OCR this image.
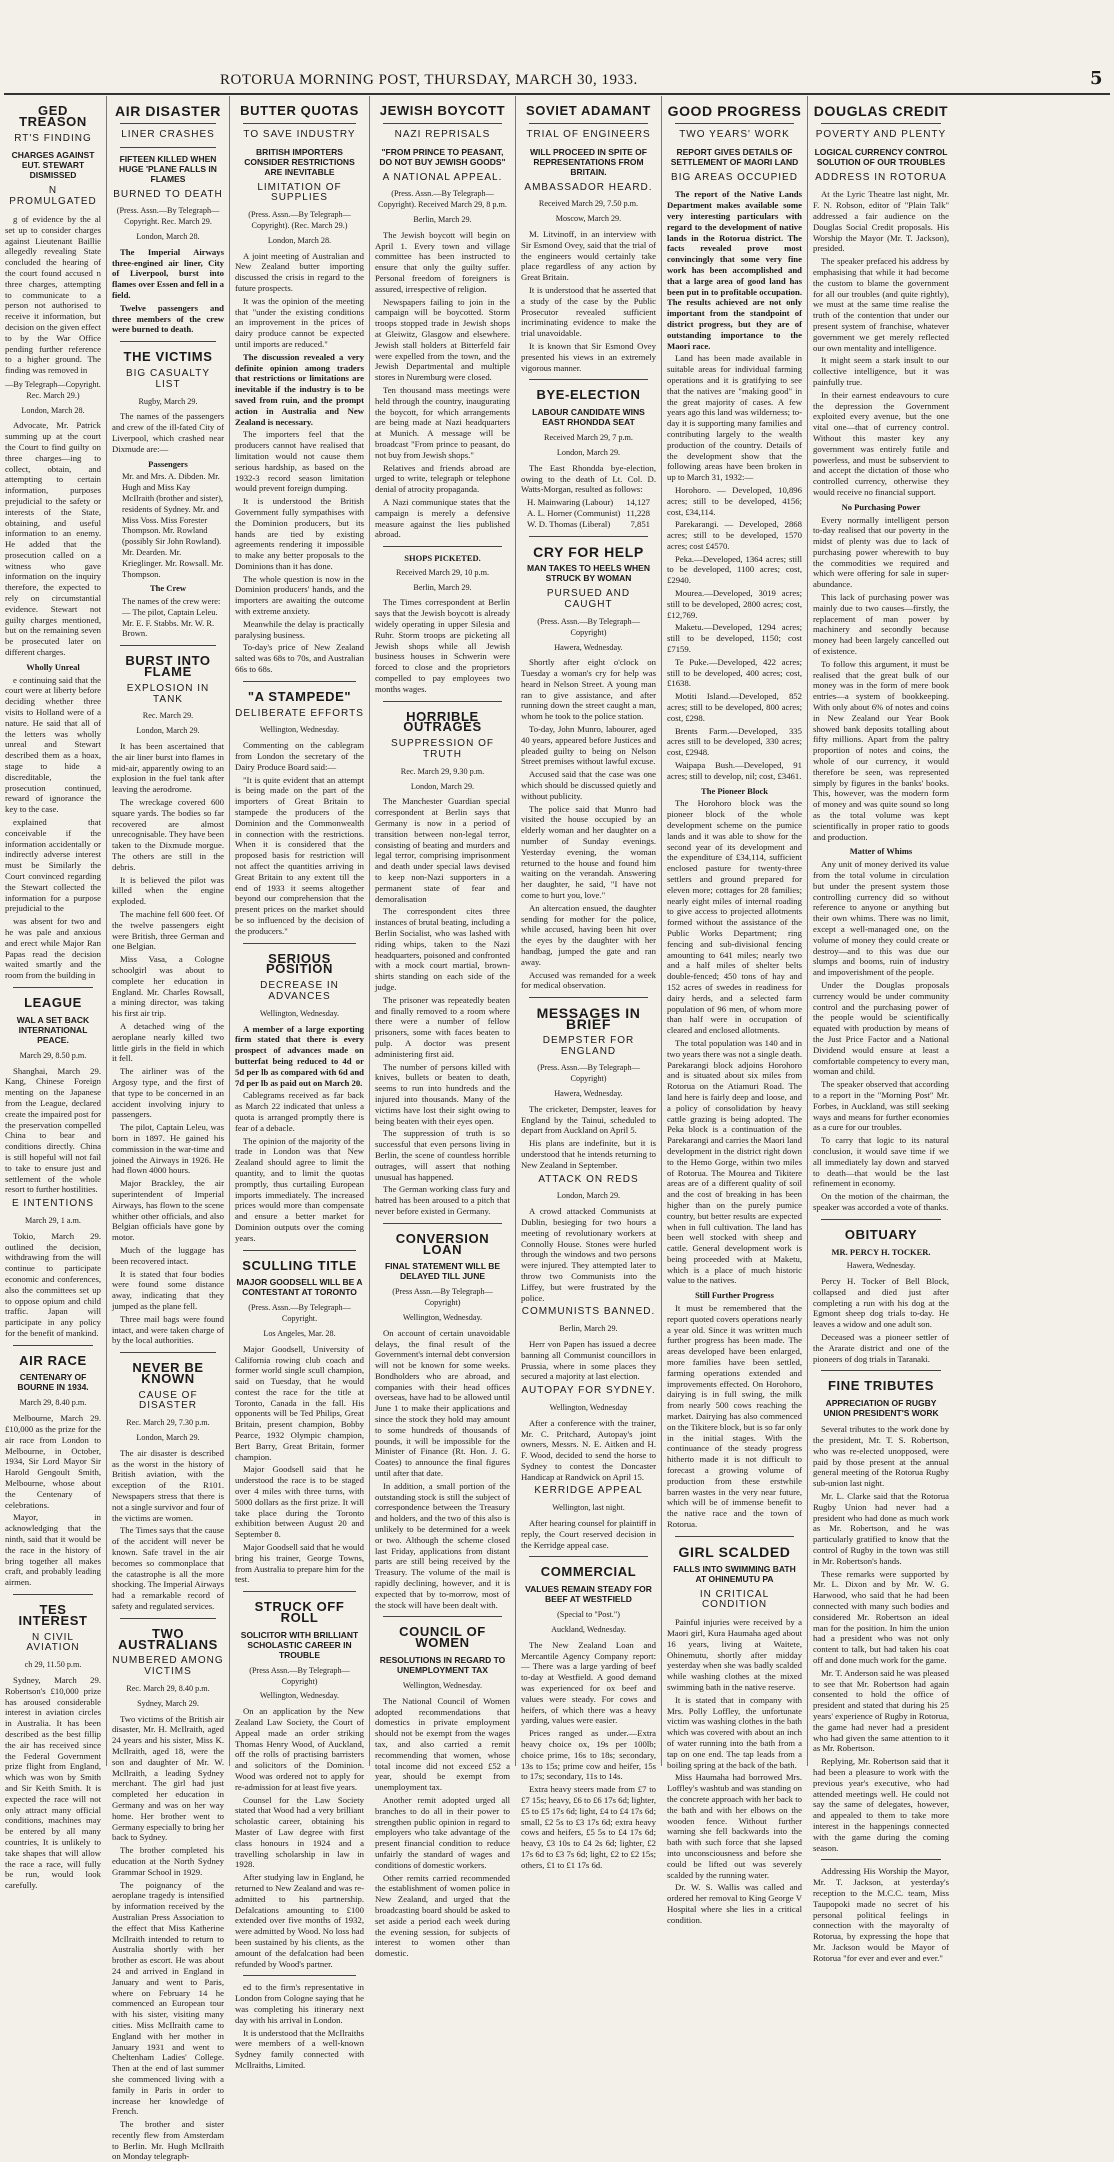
ROTORUA MORNING POST, THURSDAY, MARCH 30, 1933.	5
GED TREASON
RT'S FINDING
CHARGES AGAINST EUT. STEWART DISMISSED
N PROMULGATED

g of evidence by the al set up to consider charges against Lieutenant Baillie allegedly revealing State concluded the hearing of the court found accused n three charges, attempting to communicate to a person not authorised to receive it information, but decision on the given effect to by the War Office pending further reference to a higher ground. The finding was removed in

—By Telegraph—Copyright. Rec. March 29.)
London, March 28.

Advocate, Mr. Patrick summing up at the court the Court to find guilty on three charges—ing to collect, obtain, and attempting to certain information, purposes prejudicial to the safety or interests of the State, obtaining, and useful information to an enemy. He added that the prosecution called on a witness who gave information on the inquiry therefore, the expected to rely on circumstantial evidence. Stewart not guilty charges mentioned, but on the remaining seven be prosecuted later on different charges.

Wholly Unreal

e continuing said that the court were at liberty before deciding whether three visits to Holland were of a nature. He said that all of the letters was wholly unreal and Stewart described them as a hoax, stage to hide a discreditable, the prosecution continued, reward of ignorance the key to the case.

explained that conceivable if the information accidentally or indirectly adverse interest must be Similarly the Court convinced regarding the Stewart collected the information for a purpose prejudicial to the

was absent for two and he was pale and anxious and erect while Major Ran Papas read the decision waited smartly and the room from the building in

LEAGUE
WAL A SET BACK INTERNATIONAL PEACE.
March 29, 8.50 p.m.

Shanghai, March 29. Kang, Chinese Foreign menting on the Japanese from the League, declared create the impaired post for the preservation compelled China to bear and conditions directly. China is still hopeful will not fail to take to ensure just and settlement of the whole resort to further hostilities.

E INTENTIONS
March 29, 1 a.m.

Tokio, March 29. outlined the decision, withdrawing from the will continue to participate economic and conferences, also the committees set up to oppose opium and child traffic. Japan will participate in any policy for the benefit of mankind.

AIR RACE
CENTENARY OF BOURNE IN 1934.
March 29, 8.40 p.m.

Melbourne, March 29. £10,000 as the prize for the air race from London to Melbourne, in October, 1934, Sir Lord Mayor Sir Harold Gengoult Smith, Melbourne, whose about the Centenary of celebrations.

Mayor, in acknowledging that the ninth, said that it would be the race in the history of bring together all makes craft, and probably leading airmen.

TES INTEREST
N CIVIL AVIATION
ch 29, 11.50 p.m.

Sydney, March 29. Robertson's £10,000 prize has aroused considerable interest in aviation circles in Australia. It has been described as the best fillip the air has received since the Federal Government prize flight from England, which was won by Smith and Sir Keith Smith. It is expected the race will not only attract many official conditions, machines may be entered by all many countries, It is unlikely to take shapes that will allow the race a race, will fully be run, would look carefully.

AIR DISASTER
LINER CRASHES
FIFTEEN KILLED WHEN HUGE 'PLANE FALLS IN FLAMES
BURNED TO DEATH
(Press. Assn.—By Telegraph—Copyright. Rec. March 29.
London, March 28.

The Imperial Airways three-engined air liner, City of Liverpool, burst into flames over Essen and fell in a field.

Twelve passengers and three members of the crew were burned to death.

THE VICTIMS
BIG CASUALTY LIST
Rugby, March 29.

The names of the passengers and crew of the ill-fated City of Liverpool, which crashed near Dixmude are:—

Passengers
Mr. and Mrs. A. Dibden. Mr. Hugh and Miss Kay McIlraith (brother and sister), residents of Sydney. Mr. and Miss Voss. Miss Forester Thompson. Mr. Rowland (possibly Sir John Rowland). Mr. Dearden. Mr. Krieglinger. Mr. Rowsall. Mr. Thompson.
The Crew
The names of the crew were:— The pilot, Captain Leleu. Mr. E. F. Stabbs. Mr. W. R. Brown.
BURST INTO FLAME
EXPLOSION IN TANK
Rec. March 29.
London, March 29.

It has been ascertained that the air liner burst into flames in mid-air, apparently owing to an explosion in the fuel tank after leaving the aerodrome.

The wreckage covered 600 square yards. The bodies so far recovered are almost unrecognisable. They have been taken to the Dixmude morgue. The others are still in the debris.

It is believed the pilot was killed when the engine exploded.

The machine fell 600 feet. Of the twelve passengers eight were British, three German and one Belgian.

Miss Vasa, a Cologne schoolgirl was about to complete her education in England. Mr. Charles Rowsall, a mining director, was taking his first air trip.

A detached wing of the aeroplane nearly killed two little girls in the field in which it fell.

The airliner was of the Argosy type, and the first of that type to be concerned in an accident involving injury to passengers.

The pilot, Captain Leleu, was born in 1897. He gained his commission in the war-time and joined the Airways in 1926. He had flown 4000 hours.

Major Brackley, the air superintendent of Imperial Airways, has flown to the scene whither other officials, and also Belgian officials have gone by motor.

Much of the luggage has been recovered intact.

It is stated that four bodies were found some distance away, indicating that they jumped as the plane fell.

Three mail bags were found intact, and were taken charge of by the local authorities.

NEVER BE KNOWN
CAUSE OF DISASTER
Rec. March 29, 7.30 p.m.
London, March 29.

The air disaster is described as the worst in the history of British aviation, with the exception of the R101. Newspapers stress that there is not a single survivor and four of the victims are women.

The Times says that the cause of the accident will never be known. Safe travel in the air becomes so commonplace that the catastrophe is all the more shocking. The Imperial Airways had a remarkable record of safety and regulated services.

TWO AUSTRALIANS
NUMBERED AMONG VICTIMS
Rec. March 29, 8.40 p.m.
Sydney, March 29.

Two victims of the British air disaster, Mr. H. McIlraith, aged 24 years and his sister, Miss K. McIlraith, aged 18, were the son and daughter of Mr. W. McIlraith, a leading Sydney merchant. The girl had just completed her education in Germany and was on her way home. Her brother went to Germany especially to bring her back to Sydney.

The brother completed his education at the North Sydney Grammar School in 1929.

The poignancy of the aeroplane tragedy is intensified by information received by the Australian Press Association to the effect that Miss Katherine McIlraith intended to return to Australia shortly with her brother as escort. He was about 24 and arrived in England in January and went to Paris, where on February 14 he commenced an European tour with his sister, visiting many cities. Miss McIlraith came to England with her mother in January 1931 and went to Cheltenham Ladies' College. Then at the end of last summer she commenced living with a family in Paris in order to increase her knowledge of French.

The brother and sister recently flew from Amsterdam to Berlin. Mr. Hugh McIlraith on Monday telegraph-

BUTTER QUOTAS
TO SAVE INDUSTRY
BRITISH IMPORTERS CONSIDER RESTRICTIONS ARE INEVITABLE
LIMITATION OF SUPPLIES
(Press. Assn.—By Telegraph—Copyright). (Rec. March 29.)
London, March 28.

A joint meeting of Australian and New Zealand butter importing discussed the crisis in regard to the future prospects.

It was the opinion of the meeting that "under the existing conditions an improvement in the prices of dairy produce cannot be expected until imports are reduced."

The discussion revealed a very definite opinion among traders that restrictions or limitations are inevitable if the industry is to be saved from ruin, and the prompt action in Australia and New Zealand is necessary.

The importers feel that the producers cannot have realised that limitation would not cause them serious hardship, as based on the 1932-3 record season limitation would prevent foreign dumping.

It is understood the British Government fully sympathises with the Dominion producers, but its hands are tied by existing agreements rendering it impossible to make any better proposals to the Dominions than it has done.

The whole question is now in the Dominion producers' hands, and the importers are awaiting the outcome with extreme anxiety.

Meanwhile the delay is practically paralysing business.

To-day's price of New Zealand salted was 68s to 70s, and Australian 66s to 68s.

"A STAMPEDE"
DELIBERATE EFFORTS
Wellington, Wednesday.

Commenting on the cablegram from London the secretary of the Dairy Produce Board said:—

"It is quite evident that an attempt is being made on the part of the importers of Great Britain to stampede the producers of the Dominion and the Commonwealth in connection with the restrictions. When it is considered that the proposed basis for restriction will not affect the quantities arriving in Great Britain to any extent till the end of 1933 it seems altogether beyond our comprehension that the present prices on the market should be so influenced by the decision of the producers."

SERIOUS POSITION
DECREASE IN ADVANCES
Wellington, Wednesday.

A member of a large exporting firm stated that there is every prospect of advances made on butterfat being reduced to 4d or 5d per lb as compared with 6d and 7d per lb as paid out on March 20.

Cablegrams received as far back as March 22 indicated that unless a quota is arranged promptly there is fear of a debacle.

The opinion of the majority of the trade in London was that New Zealand should agree to limit the quantity, and to limit the quotas promptly, thus curtailing European imports immediately. The increased prices would more than compensate and ensure a better market for Dominion outputs over the coming years.

SCULLING TITLE
MAJOR GOODSELL WILL BE A CONTESTANT AT TORONTO
(Press. Assn.—By Telegraph—Copyright.
Los Angeles, Mar. 28.

Major Goodsell, University of California rowing club coach and former world single scull champion, said on Tuesday, that he would contest the race for the title at Toronto, Canada in the fall. His opponents will be Ted Philips, Great Britain, present champion, Bobby Pearce, 1932 Olympic champion, Bert Barry, Great Britain, former champion.

Major Goodsell said that he understood the race is to be staged over 4 miles with three turns, with 5000 dollars as the first prize. It will take place during the Toronto exhibition between August 20 and September 8.

Major Goodsell said that he would bring his trainer, George Towns, from Australia to prepare him for the test.

STRUCK OFF ROLL
SOLICITOR WITH BRILLIANT SCHOLASTIC CAREER IN TROUBLE
(Press Assn.—By Telegraph—Copyright)
Wellington, Wednesday.

On an application by the New Zealand Law Society, the Court of Appeal made an order striking Thomas Henry Wood, of Auckland, off the rolls of practising barristers and solicitors of the Dominion. Wood was ordered not to apply for re-admission for at least five years.

Counsel for the Law Society stated that Wood had a very brilliant scholastic career, obtaining his Master of Law degree with first class honours in 1924 and a travelling scholarship in law in 1928.

After studying law in England, he returned to New Zealand and was re-admitted to his partnership. Defalcations amounting to £100 extended over five months of 1932, were admitted by Wood. No loss had been sustained by his clients, as the amount of the defalcation had been refunded by Wood's partner.

ed to the firm's representative in London from Cologne saying that he was completing his itinerary next day with his arrival in London.

It is understood that the McIlraiths were members of a well-known Sydney family connected with McIlraiths, Limited.

JEWISH BOYCOTT
NAZI REPRISALS
"FROM PRINCE TO PEASANT, DO NOT BUY JEWISH GOODS"
A NATIONAL APPEAL.
(Press. Assn.—By Telegraph—Copyright). Received March 29, 8 p.m.
Berlin, March 29.

The Jewish boycott will begin on April 1. Every town and village committee has been instructed to ensure that only the guilty suffer. Personal freedom of foreigners is assured, irrespective of religion.

Newspapers failing to join in the campaign will be boycotted. Storm troops stopped trade in Jewish shops at Gleiwitz, Glasgow and elsewhere. Jewish stall holders at Bitterfeld fair were expelled from the town, and the Jewish Departmental and multiple stores in Nuremburg were closed.

Ten thousand mass meetings were held through the country, inaugurating the boycott, for which arrangements are being made at Nazi headquarters at Munich. A message will be broadcast "From prince to peasant, do not buy from Jewish shops."

Relatives and friends abroad are urged to write, telegraph or telephone denial of atrocity propaganda.

A Nazi communique states that the campaign is merely a defensive measure against the lies published abroad.

SHOPS PICKETED.
Received March 29, 10 p.m.
Berlin, March 29.

The Times correspondent at Berlin says that the Jewish boycott is already widely operating in upper Silesia and Ruhr. Storm troops are picketing all Jewish shops while all Jewish business houses in Schwerin were forced to close and the proprietors compelled to pay employees two months wages.

HORRIBLE OUTRAGES
SUPPRESSION OF TRUTH
Rec. March 29, 9.30 p.m.
London, March 29.

The Manchester Guardian special correspondent at Berlin says that Germany is now in a period of transition between non-legal terror, consisting of beating and murders and legal terror, comprising imprisonment and death under special laws devised to keep non-Nazi supporters in a permanent state of fear and demoralisation

The correspondent cites three instances of brutal beating, including a Berlin Socialist, who was lashed with riding whips, taken to the Nazi headquarters, poisoned and confronted with a mock court martial, brown-shirts standing on each side of the judge.

The prisoner was repeatedly beaten and finally removed to a room where there were a number of fellow prisoners, some with faces beaten to pulp. A doctor was present administering first aid.

The number of persons killed with knives, bullets or beaten to death, seems to run into hundreds and the injured into thousands. Many of the victims have lost their sight owing to being beaten with their eyes open.

The suppression of truth is so successful that even persons living in Berlin, the scene of countless horrible outrages, will assert that nothing unusual has happened.

The German working class fury and hatred has been aroused to a pitch that never before existed in Germany.

CONVERSION LOAN
FINAL STATEMENT WILL BE DELAYED TILL JUNE
(Press Assn.—By Telegraph—Copyright)
Wellington, Wednesday.

On account of certain unavoidable delays, the final result of the Government's internal debt conversion will not be known for some weeks. Bondholders who are abroad, and companies with their head offices overseas, have had to be allowed until June 1 to make their applications and since the stock they hold may amount to some hundreds of thousands of pounds, it will be impossible for the Minister of Finance (Rt. Hon. J. G. Coates) to announce the final figures until after that date.

In addition, a small portion of the outstanding stock is still the subject of correspondence between the Treasury and holders, and the two of this also is unlikely to be determined for a week or two. Although the scheme closed last Friday, applications from distant parts are still being received by the Treasury. The volume of the mail is rapidly declining, however, and it is expected that by to-morrow, most of the stock will have been dealt with.

COUNCIL OF WOMEN
RESOLUTIONS IN REGARD TO UNEMPLOYMENT TAX
Wellington, Wednesday.

The National Council of Women adopted recommendations that domestics in private employment should not be exempt from the wages tax, and also carried a remit recommending that women, whose total income did not exceed £52 a year, should be exempt from unemployment tax.

Another remit adopted urged all branches to do all in their power to strengthen public opinion in regard to employers who take advantage of the present financial condition to reduce unfairly the standard of wages and conditions of domestic workers.

Other remits carried recommended the establishment of women police in New Zealand, and urged that the broadcasting board should be asked to set aside a period each week during the evening session, for subjects of interest to women other than domestic.

SOVIET ADAMANT
TRIAL OF ENGINEERS
WILL PROCEED IN SPITE OF REPRESENTATIONS FROM BRITAIN.
AMBASSADOR HEARD.
Received March 29, 7.50 p.m.
Moscow, March 29.

M. Litvinoff, in an interview with Sir Esmond Ovey, said that the trial of the engineers would certainly take place regardless of any action by Great Britain.

It is understood that he asserted that a study of the case by the Public Prosecutor revealed sufficient incriminating evidence to make the trial unavoidable.

It is known that Sir Esmond Ovey presented his views in an extremely vigorous manner.

BYE-ELECTION
LABOUR CANDIDATE WINS EAST RHONDDA SEAT
Received March 29, 7 p.m.
London, March 29.

The East Rhondda bye-election, owing to the death of Lt. Col. D. Watts-Morgan, resulted as follows:

H. Mainwaring (Labour) 14,127
A. L. Horner (Communist) 11,228
W. D. Thomas (Liberal) 7,851
CRY FOR HELP
MAN TAKES TO HEELS WHEN STRUCK BY WOMAN
PURSUED AND CAUGHT
(Press. Assn.—By Telegraph—Copyright)
Hawera, Wednesday.

Shortly after eight o'clock on Tuesday a woman's cry for help was heard in Nelson Street. A young man ran to give assistance, and after running down the street caught a man, whom he took to the police station.

To-day, John Munro, labourer, aged 40 years, appeared before Justices and pleaded guilty to being on Nelson Street premises without lawful excuse.

Accused said that the case was one which should be discussed quietly and without publicity.

The police said that Munro had visited the house occupied by an elderly woman and her daughter on a number of Sunday evenings. Yesterday evening, the woman returned to the house and found him waiting on the verandah. Answering her daughter, he said, "I have not come to hurt you, love."

An altercation ensued, the daughter sending for mother for the police, while accused, having been hit over the eyes by the daughter with her handbag, jumped the gate and ran away.

Accused was remanded for a week for medical observation.

MESSAGES IN BRIEF
DEMPSTER FOR ENGLAND
(Press. Assn.—By Telegraph—Copyright)
Hawera, Wednesday.

The cricketer, Dempster, leaves for England by the Tainui, scheduled to depart from Auckland on April 5.

His plans are indefinite, but it is understood that he intends returning to New Zealand in September.

ATTACK ON REDS
London, March 29.

A crowd attacked Communists at Dublin, besieging for two hours a meeting of revolutionary workers at Connolly House. Stones were hurled through the windows and two persons were injured. They attempted later to throw two Communists into the Liffey, but were frustrated by the police.

COMMUNISTS BANNED.
Berlin, March 29.

Herr von Papen has issued a decree banning all Communist councillors in Prussia, where in some places they secured a majority at last election.

AUTOPAY FOR SYDNEY.
Wellington, Wednesday

After a conference with the trainer, Mr. C. Pritchard, Autopay's joint owners, Messrs. N. E. Aitken and H. F. Wood, decided to send the horse to Sydney to contest the Doncaster Handicap at Randwick on April 15.

KERRIDGE APPEAL
Wellington, last night.

After hearing counsel for plaintiff in reply, the Court reserved decision in the Kerridge appeal case.

COMMERCIAL
VALUES REMAIN STEADY FOR BEEF AT WESTFIELD
(Special to "Post.")
Auckland, Wednesday.

The New Zealand Loan and Mercantile Agency Company report:— There was a large yarding of beef to-day at Westfield. A good demand was experienced for ox beef and values were steady. For cows and heifers, of which there was a heavy yarding, values were easier.

Prices ranged as under.—Extra heavy choice ox, 19s per 100lb; choice prime, 16s to 18s; secondary, 13s to 15s; prime cow and heifer, 15s to 17s; secondary, 11s to 14s.

Extra heavy steers made from £7 to £7 15s; heavy, £6 to £6 17s 6d; lighter, £5 to £5 17s 6d; light, £4 to £4 17s 6d; small, £2 5s to £3 17s 6d; extra heavy cows and heifers, £5 5s to £4 17s 6d; heavy, £3 10s to £4 2s 6d; lighter, £2 17s 6d to £3 7s 6d; light, £2 to £2 15s; others, £1 to £1 17s 6d.

GOOD PROGRESS
TWO YEARS' WORK
REPORT GIVES DETAILS OF SETTLEMENT OF MAORI LAND
BIG AREAS OCCUPIED

The report of the Native Lands Department makes available some very interesting particulars with regard to the development of native lands in the Rotorua district. The facts revealed prove most convincingly that some very fine work has been accomplished and that a large area of good land has been put in to profitable occupation. The results achieved are not only important from the standpoint of district progress, but they are of outstanding importance to the Maori race.

Land has been made available in suitable areas for individual farming operations and it is gratifying to see that the natives are "making good" in the great majority of cases. A few years ago this land was wilderness; to-day it is supporting many families and contributing largely to the wealth production of the country. Details of the development show that the following areas have been broken in up to March 31, 1932:—

Horohoro. — Developed, 10,896 acres; still to be developed, 4156; cost, £34,114.

Parekarangi. — Developed, 2868 acres; still to be developed, 1570 acres; cost £4570.

Peka.—Developed, 1364 acres; still to be developed, 1100 acres; cost, £2940.

Mourea.—Developed, 3019 acres; still to be developed, 2800 acres; cost, £12,769.

Maketu.—Developed, 1294 acres; still to be developed, 1150; cost £7159.

Te Puke.—Developed, 422 acres; still to be developed, 400 acres; cost, £1638.

Motiti Island.—Developed, 852 acres; still to be developed, 800 acres; cost, £298.

Brents Farm.—Developed, 335 acres still to be developed, 330 acres; cost, £2948.

Waipapa Bush.—Developed, 91 acres; still to develop, nil; cost, £3461.

The Pioneer Block

The Horohoro block was the pioneer block of the whole development scheme on the pumice lands and it was able to show for the second year of its development and the expenditure of £34,114, sufficient enclosed pasture for twenty-three settlers and ground prepared for eleven more; cottages for 28 families; nearly eight miles of internal roading to give access to projected allotments formed without the assistance of the Public Works Department; ring fencing and sub-divisional fencing amounting to 641 miles; nearly two and a half miles of shelter belts double-fenced; 450 tons of hay and 152 acres of swedes in readiness for dairy herds, and a selected farm population of 96 men, of whom more than half were in occupation of cleared and enclosed allotments.

The total population was 140 and in two years there was not a single death. Parekarangi block adjoins Horohoro and is situated about six miles from Rotorua on the Atiamuri Road. The land here is fairly deep and loose, and a policy of consolidation by heavy cattle grazing is being adopted. The Peka block is a continuation of the Parekarangi and carries the Maori land development in the district right down to the Hemo Gorge, within two miles of Rotorua. The Mourea and Tikitere areas are of a different quality of soil and the cost of breaking in has been higher than on the purely pumice country, but better results are expected when in full cultivation. The land has been well stocked with sheep and cattle. General development work is being proceeded with at Maketu, which is a place of much historic value to the natives.

Still Further Progress

It must be remembered that the report quoted covers operations nearly a year old. Since it was written much further progress has been made. The areas developed have been enlarged, more families have been settled, farming operations extended and improvements effected. On Horohoro, dairying is in full swing, the milk from nearly 500 cows reaching the market. Dairying has also commenced on the Tikitere block, but is so far only in the initial stages. With the continuance of the steady progress hitherto made it is not difficult to forecast a growing volume of production from these erstwhile barren wastes in the very near future, which will be of immense benefit to the native race and the town of Rotorua.

GIRL SCALDED
FALLS INTO SWIMMING BATH AT OHINEMUTU PA
IN CRITICAL CONDITION

Painful injuries were received by a Maori girl, Kura Haumaha aged about 16 years, living at Waitete, Ohinemutu, shortly after midday yesterday when she was badly scalded while washing clothes at the mixed swimming bath in the native reserve.

It is stated that in company with Mrs. Polly Loffley, the unfortunate victim was washing clothes in the bath which was covered with about an inch of water running into the bath from a tap on one end. The tap leads from a boiling spring at the back of the bath.

Miss Haumaha had borrowed Mrs. Loffley's washtub and was standing on the concrete approach with her back to the bath and with her elbows on the wooden fence. Without further warning she fell backwards into the bath with such force that she lapsed into unconsciousness and before she could be lifted out was severely scalded by the running water.

Dr. W. S. Wallis was called and ordered her removal to King George V Hospital where she lies in a critical condition.

DOUGLAS CREDIT
POVERTY AND PLENTY
LOGICAL CURRENCY CONTROL SOLUTION OF OUR TROUBLES
ADDRESS IN ROTORUA

At the Lyric Theatre last night, Mr. F. N. Robson, editor of "Plain Talk" addressed a fair audience on the Douglas Social Credit proposals. His Worship the Mayor (Mr. T. Jackson), presided.

The speaker prefaced his address by emphasising that while it had become the custom to blame the government for all our troubles (and quite rightly), we must at the same time realise the truth of the contention that under our present system of franchise, whatever government we get merely reflected our own mentality and intelligence.

It might seem a stark insult to our collective intelligence, but it was painfully true.

In their earnest endeavours to cure the depression the Government exploited every avenue, but the one vital one—that of currency control. Without this master key any government was entirely futile and powerless, and must be subservient to and accept the dictation of those who controlled currency, otherwise they would receive no financial support.

No Purchasing Power

Every normally intelligent person to-day realised that our poverty in the midst of plenty was due to lack of purchasing power wherewith to buy the commodities we required and which were offering for sale in super-abundance.

This lack of purchasing power was mainly due to two causes—firstly, the replacement of man power by machinery and secondly because money had been largely cancelled out of existence.

To follow this argument, it must be realised that the great bulk of our money was in the form of mere book entries—a system of bookkeeping. With only about 6% of notes and coins in New Zealand our Year Book showed bank deposits totalling about fifty millions. Apart from the paltry proportion of notes and coins, the whole of our currency, it would therefore be seen, was represented simply by figures in the banks' books. This, however, was the modern form of money and was quite sound so long as the total volume was kept scientifically in proper ratio to goods and production.

Matter of Whims

Any unit of money derived its value from the total volume in circulation but under the present system those controlling currency did so without reference to anyone or anything but their own whims. There was no limit, except a well-managed one, on the volume of money they could create or destroy—and to this was due our slumps and booms, ruin of industry and impoverishment of the people.

Under the Douglas proposals currency would be under community control and the purchasing power of the people would be scientifically equated with production by means of the Just Price Factor and a National Dividend would ensure at least a comfortable competency to every man, woman and child.

The speaker observed that according to a report in the "Morning Post" Mr. Forbes, in Auckland, was still seeking ways and means for further economies as a cure for our troubles.

To carry that logic to its natural conclusion, it would save time if we all immediately lay down and starved to death—that would be the last refinement in economy.

On the motion of the chairman, the speaker was accorded a vote of thanks.

OBITUARY
MR. PERCY H. TOCKER.
Hawera, Wednesday.

Percy H. Tocker of Bell Block, collapsed and died just after completing a run with his dog at the Egmont sheep dog trials to-day. He leaves a widow and one adult son.

Deceased was a pioneer settler of the Ararate district and one of the pioneers of dog trials in Taranaki.

FINE TRIBUTES
APPRECIATION OF RUGBY UNION PRESIDENT'S WORK

Several tributes to the work done by the president, Mr. T. S. Robertson, who was re-elected unopposed, were paid by those present at the annual general meeting of the Rotorua Rugby sub-union last night.

Mr. L. Clarke said that the Rotorua Rugby Union had never had a president who had done as much work as Mr. Robertson, and he was particularly gratified to know that the control of Rugby in the town was still in Mr. Robertson's hands.

These remarks were supported by Mr. L. Dixon and by Mr. W. G. Harwood, who said that he had been connected with many such bodies and considered Mr. Robertson an ideal man for the position. In him the union had a president who was not only content to talk, but had taken his coat off and done much work for the game.

Mr. T. Anderson said he was pleased to see that Mr. Robertson had again consented to hold the office of president and stated that during his 25 years' experience of Rugby in Rotorua, the game had never had a president who had given the same attention to it as Mr. Robertson.

Replying, Mr. Robertson said that it had been a pleasure to work with the previous year's executive, who had attended meetings well. He could not say the same of delegates, however, and appealed to them to take more interest in the happenings connected with the game during the coming season.

Addressing His Worship the Mayor, Mr. T. Jackson, at yesterday's reception to the M.C.C. team, Miss Taupopoki made no secret of his personal political feelings in connection with the mayoralty of Rotorua, by expressing the hope that Mr. Jackson would be Mayor of Rotorua "for ever and ever and ever."
